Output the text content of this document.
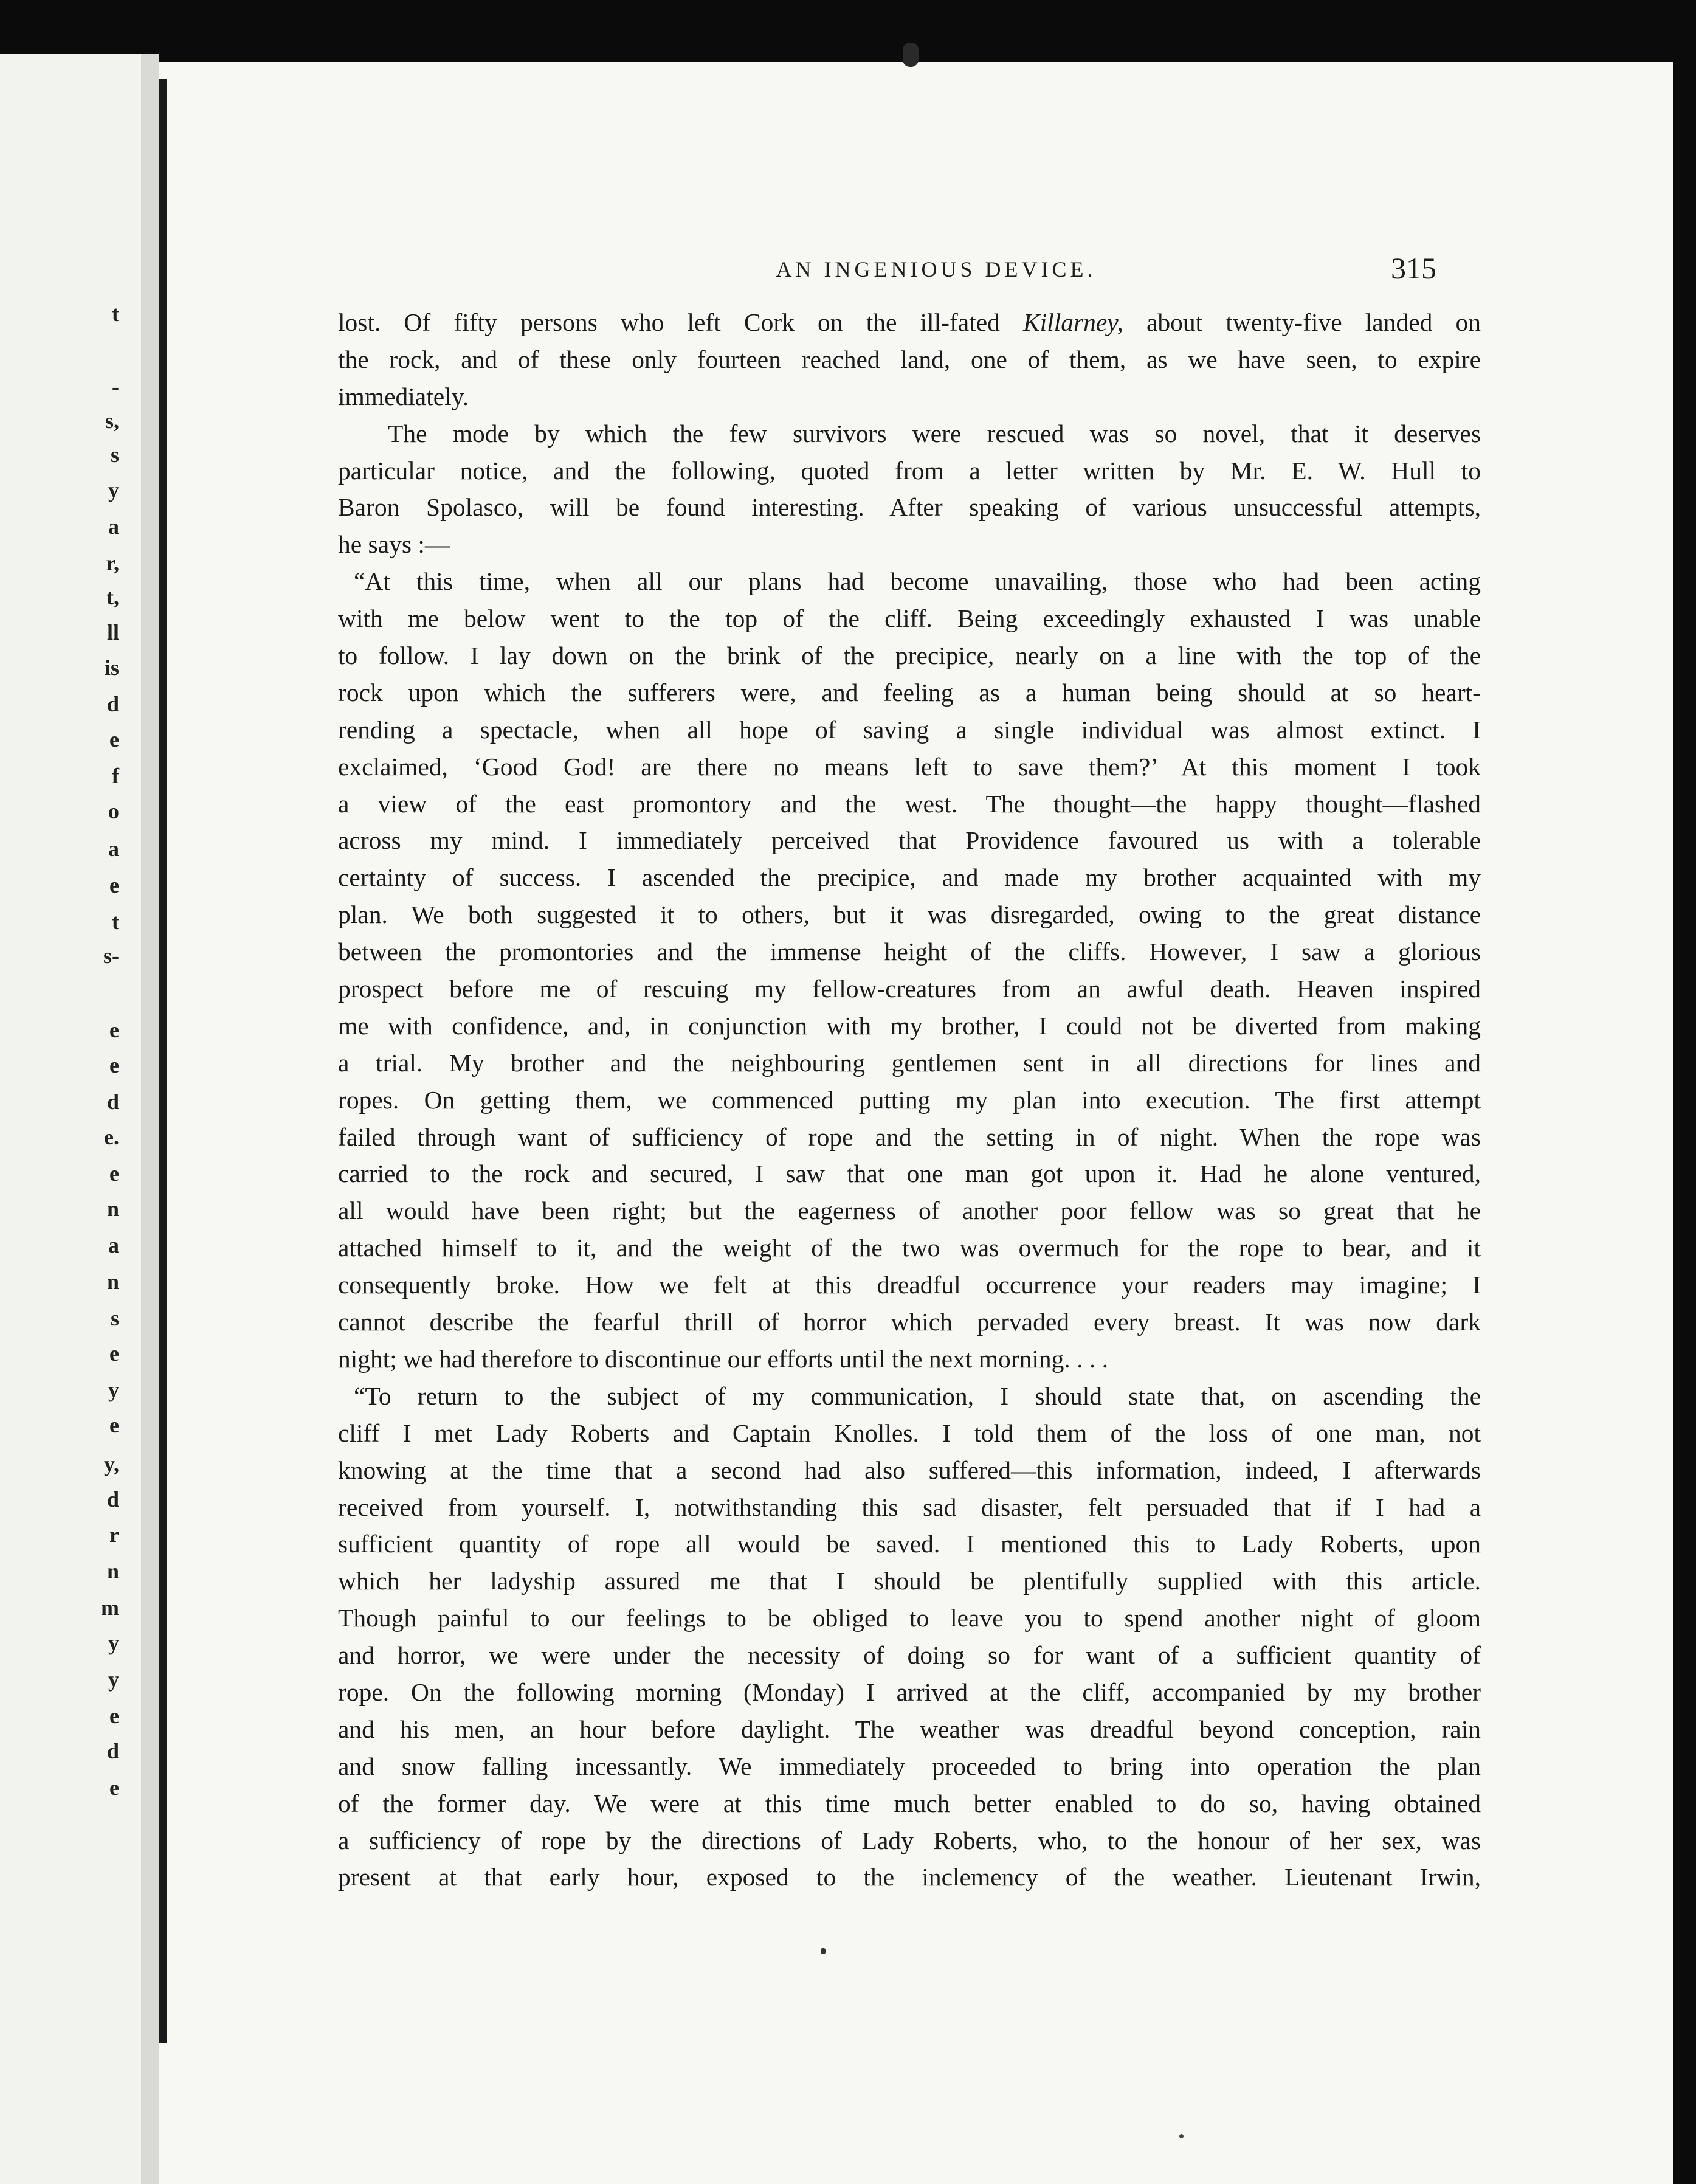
t
-
s,
s
y
a
r,
t,
ll
is
d
e
f
o
a
e
t
s-
e
e
d
e.
e
n
a
n
s
e
y
e
y,
d
r
n
m
y
y
e
d
e
AN INGENIOUS DEVICE.	315
lost. Of fifty persons who left Cork on the ill-fated Killarney, about twenty-five landed on
the rock, and of these only fourteen reached land, one of them, as we have seen, to expire
immediately.
The mode by which the few survivors were rescued was so novel, that it deserves
particular notice, and the following, quoted from a letter written by Mr. E. W. Hull to
Baron Spolasco, will be found interesting. After speaking of various unsuccessful attempts,
he says :—
“At this time, when all our plans had become unavailing, those who had been acting
with me below went to the top of the cliff. Being exceedingly exhausted I was unable
to follow. I lay down on the brink of the precipice, nearly on a line with the top of the
rock upon which the sufferers were, and feeling as a human being should at so heart-
rending a spectacle, when all hope of saving a single individual was almost extinct. I
exclaimed, ‘Good God! are there no means left to save them?’ At this moment I took
a view of the east promontory and the west. The thought—the happy thought—flashed
across my mind. I immediately perceived that Providence favoured us with a tolerable
certainty of success. I ascended the precipice, and made my brother acquainted with my
plan. We both suggested it to others, but it was disregarded, owing to the great distance
between the promontories and the immense height of the cliffs. However, I saw a glorious
prospect before me of rescuing my fellow-creatures from an awful death. Heaven inspired
me with confidence, and, in conjunction with my brother, I could not be diverted from making
a trial. My brother and the neighbouring gentlemen sent in all directions for lines and
ropes. On getting them, we commenced putting my plan into execution. The first attempt
failed through want of sufficiency of rope and the setting in of night. When the rope was
carried to the rock and secured, I saw that one man got upon it. Had he alone ventured,
all would have been right; but the eagerness of another poor fellow was so great that he
attached himself to it, and the weight of the two was overmuch for the rope to bear, and it
consequently broke. How we felt at this dreadful occurrence your readers may imagine; I
cannot describe the fearful thrill of horror which pervaded every breast. It was now dark
night; we had therefore to discontinue our efforts until the next morning. . . .
“To return to the subject of my communication, I should state that, on ascending the
cliff I met Lady Roberts and Captain Knolles. I told them of the loss of one man, not
knowing at the time that a second had also suffered—this information, indeed, I afterwards
received from yourself. I, notwithstanding this sad disaster, felt persuaded that if I had a
sufficient quantity of rope all would be saved. I mentioned this to Lady Roberts, upon
which her ladyship assured me that I should be plentifully supplied with this article.
Though painful to our feelings to be obliged to leave you to spend another night of gloom
and horror, we were under the necessity of doing so for want of a sufficient quantity of
rope. On the following morning (Monday) I arrived at the cliff, accompanied by my brother
and his men, an hour before daylight. The weather was dreadful beyond conception, rain
and snow falling incessantly. We immediately proceeded to bring into operation the plan
of the former day. We were at this time much better enabled to do so, having obtained
a sufficiency of rope by the directions of Lady Roberts, who, to the honour of her sex, was
present at that early hour, exposed to the inclemency of the weather. Lieutenant Irwin,
